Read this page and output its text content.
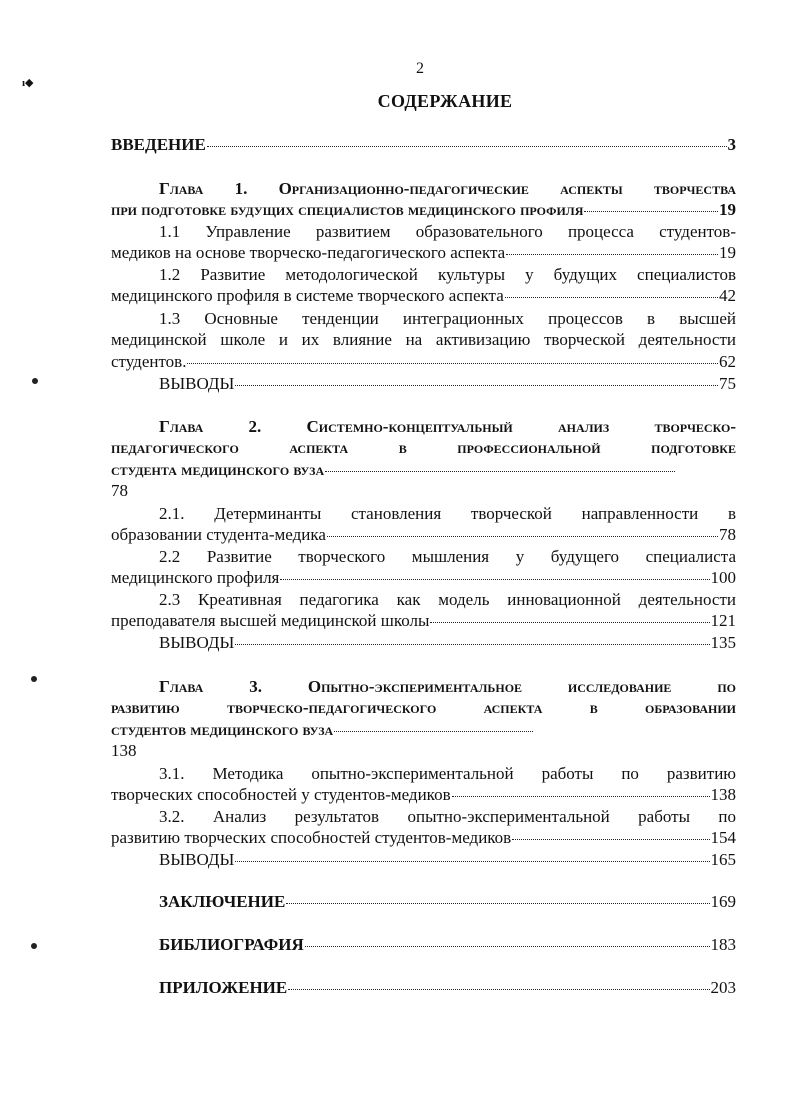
ı◆
2
СОДЕРЖАНИЕ
ВВЕДЕНИЕ	3
Глава 1. Организационно-педагогические аспекты творчества
при подготовке будущих специалистов медицинского профиля	19
1.1 Управление развитием образовательного процесса студентов-
медиков на основе творческо-педагогического аспекта	19
1.2 Развитие методологической культуры у будущих специалистов
медицинского профиля в системе творческого аспекта	42
1.3 Основные тенденции интеграционных процессов в высшей
медицинской школе и их влияние на активизацию творческой деятельности
студентов.	62
ВЫВОДЫ	75
Глава 2. Системно-концептуальный анализ творческо-
педагогического аспекта в профессиональной подготовке
студента медицинского вуза
78
2.1. Детерминанты становления творческой направленности в
образовании студента-медика	78
2.2 Развитие творческого мышления у будущего специалиста
медицинского профиля	100
2.3 Креативная педагогика как модель инновационной деятельности
преподавателя высшей медицинской школы	121
ВЫВОДЫ	135
Глава 3. Опытно-экспериментальное исследование по
развитию творческо-педагогического аспекта в образовании
студентов медицинского вуза
138
3.1. Методика опытно-экспериментальной работы по развитию
творческих способностей у студентов-медиков	138
3.2. Анализ результатов опытно-экспериментальной работы по
развитию творческих способностей студентов-медиков	154
ВЫВОДЫ	165
ЗАКЛЮЧЕНИЕ	169
БИБЛИОГРАФИЯ	183
ПРИЛОЖЕНИЕ	203
